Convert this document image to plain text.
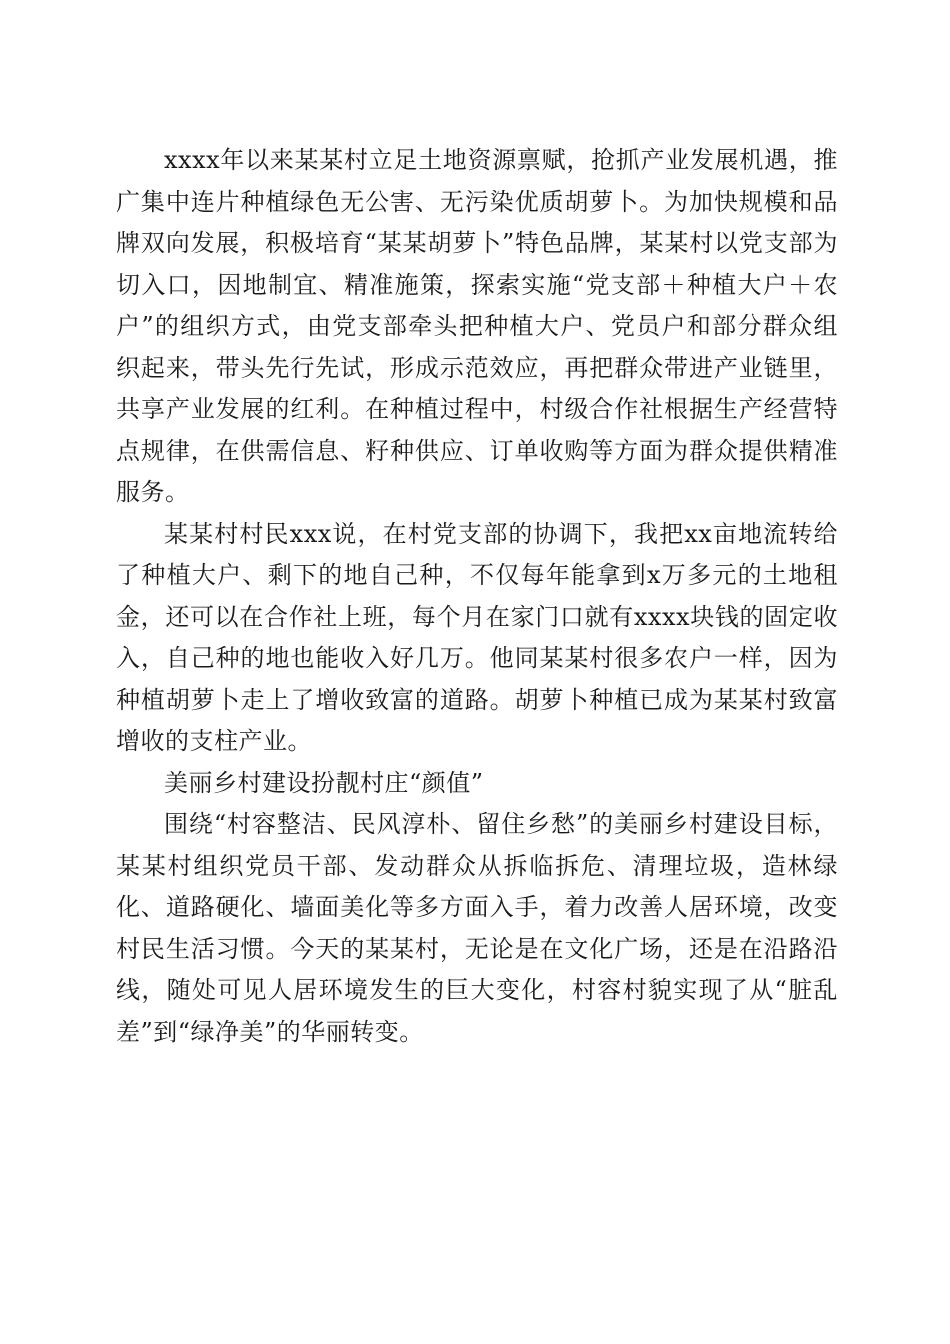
xxxx年以来某某村立足土地资源禀赋，抢抓产业发展机遇，推广集中连片种植绿色无公害、无污染优质胡萝卜。为加快规模和品牌双向发展，积极培育“某某胡萝卜”特色品牌，某某村以党支部为切入口，因地制宜、精准施策，探索实施“党支部＋种植大户＋农户”的组织方式，由党支部牵头把种植大户、党员户和部分群众组织起来，带头先行先试，形成示范效应，再把群众带进产业链里，共享产业发展的红利。在种植过程中，村级合作社根据生产经营特点规律，在供需信息、籽种供应、订单收购等方面为群众提供精准服务。

某某村村民xxx说，在村党支部的协调下，我把xx亩地流转给了种植大户、剩下的地自己种，不仅每年能拿到x万多元的土地租金，还可以在合作社上班，每个月在家门口就有xxxx块钱的固定收入，自己种的地也能收入好几万。他同某某村很多农户一样，因为种植胡萝卜走上了增收致富的道路。胡萝卜种植已成为某某村致富增收的支柱产业。

美丽乡村建设扮靓村庄“颜值”

围绕“村容整洁、民风淳朴、留住乡愁”的美丽乡村建设目标，某某村组织党员干部、发动群众从拆临拆危、清理垃圾，造林绿化、道路硬化、墙面美化等多方面入手，着力改善人居环境，改变村民生活习惯。今天的某某村，无论是在文化广场，还是在沿路沿线，随处可见人居环境发生的巨大变化，村容村貌实现了从“脏乱差”到“绿净美”的华丽转变。
